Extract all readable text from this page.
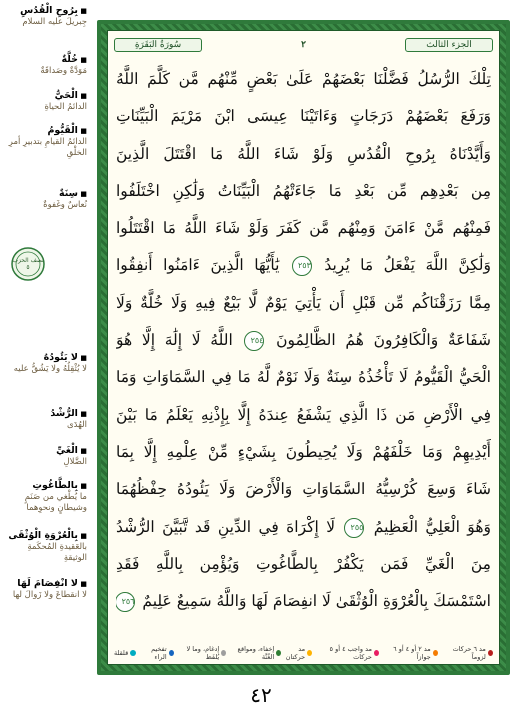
■ بِرُوحِ الْقُدُسِ
جِبريلَ عليه السلام
■ خُلَّةٌ
مَوَدَّةٌ وصَداقَةٌ
■ الْحَيُّ
الدائمُ الحياةِ
■ الْقَيُّومُ
الدائمُ القيامِ بتدبيرِ أمرِ الخلْقِ
■ سِنَةٌ
نُعاسٌ وغَفوةٌ
■ لا يَئُودُهُ
لا يُثْقِلُهُ ولا يَشُقُّ عليه
■ الرُّشْدُ
الهُدَى
■ الْغَيِّ
الضَّلالِ
■ بِالطَّاغُوتِ
ما يُطْغي من صَنَمٍ وشيطانٍ ونحوِهما
■ بِالْعُرْوَةِ الْوُثْقَى
بالعَقيدةِ المُحكَمةِ الوثيقةِ
■ لا انْفِصَامَ لَهَا
لا انقطاعَ ولا زَوالَ لها
نصف الحزب ٥
الجزء الثالث
٢
سُورَةُ البَقَرَةِ
تِلْكَ الرُّسُلُ فَضَّلْنَا بَعْضَهُمْ عَلَىٰ بَعْضٍ مِّنْهُم مَّن كَلَّمَ اللَّهُ
وَرَفَعَ بَعْضَهُمْ دَرَجَاتٍ وَءَاتَيْنَا عِيسَى ابْنَ مَرْيَمَ الْبَيِّنَاتِ
وَأَيَّدْنَاهُ بِرُوحِ الْقُدُسِ وَلَوْ شَاءَ اللَّهُ مَا اقْتَتَلَ الَّذِينَ
مِن بَعْدِهِم مِّن بَعْدِ مَا جَاءَتْهُمُ الْبَيِّنَاتُ وَلَٰكِنِ اخْتَلَفُوا
فَمِنْهُم مَّنْ ءَامَنَ وَمِنْهُم مَّن كَفَرَ وَلَوْ شَاءَ اللَّهُ مَا اقْتَتَلُوا
وَلَٰكِنَّ اللَّهَ يَفْعَلُ مَا يُرِيدُ ٢٥٣ يَٰأَيُّهَا الَّذِينَ ءَامَنُوا أَنفِقُوا
مِمَّا رَزَقْنَاكُم مِّن قَبْلِ أَن يَأْتِيَ يَوْمٌ لَّا بَيْعٌ فِيهِ وَلَا خُلَّةٌ وَلَا
شَفَاعَةٌ وَالْكَافِرُونَ هُمُ الظَّالِمُونَ ٢٥٤ اللَّهُ لَا إِلَٰهَ إِلَّا هُوَ
الْحَيُّ الْقَيُّومُ لَا تَأْخُذُهُ سِنَةٌ وَلَا نَوْمٌ لَّهُ مَا فِي السَّمَاوَاتِ وَمَا
فِي الْأَرْضِ مَن ذَا الَّذِي يَشْفَعُ عِندَهُ إِلَّا بِإِذْنِهِ يَعْلَمُ مَا بَيْنَ
أَيْدِيهِمْ وَمَا خَلْفَهُمْ وَلَا يُحِيطُونَ بِشَيْءٍ مِّنْ عِلْمِهِ إِلَّا بِمَا
شَاءَ وَسِعَ كُرْسِيُّهُ السَّمَاوَاتِ وَالْأَرْضَ وَلَا يَئُودُهُ حِفْظُهُمَا
وَهُوَ الْعَلِيُّ الْعَظِيمُ ٢٥٥ لَا إِكْرَاهَ فِي الدِّينِ قَد تَّبَيَّنَ الرُّشْدُ
مِنَ الْغَيِّ فَمَن يَكْفُرْ بِالطَّاغُوتِ وَيُؤْمِن بِاللَّهِ فَقَدِ
اسْتَمْسَكَ بِالْعُرْوَةِ الْوُثْقَىٰ لَا انفِصَامَ لَهَا وَاللَّهُ سَمِيعٌ عَلِيمٌ ٢٥٦
مد ٦ حركات لزوماً
مد ٢ أو ٤ أو ٦ جوازاً
مد واجب ٤ أو ٥ حركات
مد حركتان
إخفاء، ومواقع الغُنَّة
إدغام، وما لا يُلفَظ
تفخيم الراء
قلقلة
٤٢
